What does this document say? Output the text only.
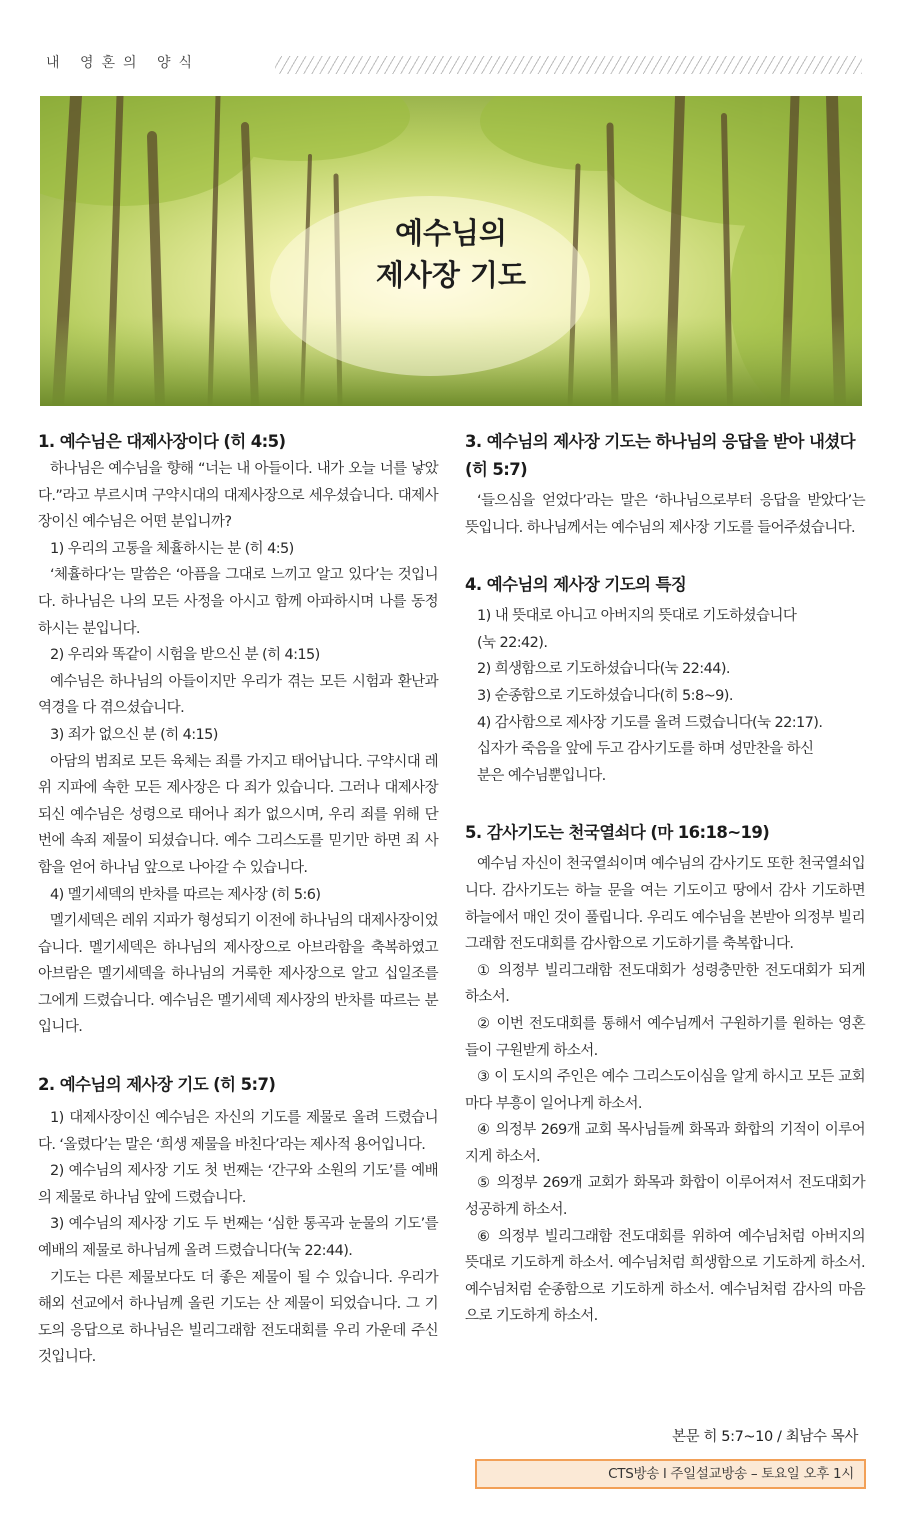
내 영혼의 양식
예수님의
제사장 기도
1. 예수님은 대제사장이다 (히 4:5)

하나님은 예수님을 향해 “너는 내 아들이다. 내가 오늘 너를 낳았다.”라고 부르시며 구약시대의 대제사장으로 세우셨습니다. 대제사장이신 예수님은 어떤 분입니까?

1) 우리의 고통을 체휼하시는 분 (히 4:5)

‘체휼하다’는 말씀은 ‘아픔을 그대로 느끼고 알고 있다’는 것입니다. 하나님은 나의 모든 사정을 아시고 함께 아파하시며 나를 동정하시는 분입니다.

2) 우리와 똑같이 시험을 받으신 분 (히 4:15)

예수님은 하나님의 아들이지만 우리가 겪는 모든 시험과 환난과 역경을 다 겪으셨습니다.

3) 죄가 없으신 분 (히 4:15)

아담의 범죄로 모든 육체는 죄를 가지고 태어납니다. 구약시대 레위 지파에 속한 모든 제사장은 다 죄가 있습니다. 그러나 대제사장 되신 예수님은 성령으로 태어나 죄가 없으시며, 우리 죄를 위해 단번에 속죄 제물이 되셨습니다. 예수 그리스도를 믿기만 하면 죄 사함을 얻어 하나님 앞으로 나아갈 수 있습니다.

4) 멜기세덱의 반차를 따르는 제사장 (히 5:6)

멜기세덱은 레위 지파가 형성되기 이전에 하나님의 대제사장이었습니다. 멜기세덱은 하나님의 제사장으로 아브라함을 축복하였고 아브람은 멜기세덱을 하나님의 거룩한 제사장으로 알고 십일조를 그에게 드렸습니다. 예수님은 멜기세덱 제사장의 반차를 따르는 분입니다.

2. 예수님의 제사장 기도 (히 5:7)

1) 대제사장이신 예수님은 자신의 기도를 제물로 올려 드렸습니다. ‘올렸다’는 말은 ‘희생 제물을 바친다’라는 제사적 용어입니다.

2) 예수님의 제사장 기도 첫 번째는 ‘간구와 소원의 기도’를 예배의 제물로 하나님 앞에 드렸습니다.

3) 예수님의 제사장 기도 두 번째는 ‘심한 통곡과 눈물의 기도’를 예배의 제물로 하나님께 올려 드렸습니다(눅 22:44).

기도는 다른 제물보다도 더 좋은 제물이 될 수 있습니다. 우리가 해외 선교에서 하나님께 올린 기도는 산 제물이 되었습니다. 그 기도의 응답으로 하나님은 빌리그래함 전도대회를 우리 가운데 주신 것입니다.

3. 예수님의 제사장 기도는 하나님의 응답을 받아 내셨다 (히 5:7)

‘들으심을 얻었다’라는 말은 ‘하나님으로부터 응답을 받았다’는 뜻입니다. 하나님께서는 예수님의 제사장 기도를 들어주셨습니다.

4. 예수님의 제사장 기도의 특징

1) 내 뜻대로 아니고 아버지의 뜻대로 기도하셨습니다

(눅 22:42).

2) 희생함으로 기도하셨습니다(눅 22:44).

3) 순종함으로 기도하셨습니다(히 5:8~9).

4) 감사함으로 제사장 기도를 올려 드렸습니다(눅 22:17).

십자가 죽음을 앞에 두고 감사기도를 하며 성만찬을 하신

분은 예수님뿐입니다.

5. 감사기도는 천국열쇠다 (마 16:18~19)

예수님 자신이 천국열쇠이며 예수님의 감사기도 또한 천국열쇠입니다. 감사기도는 하늘 문을 여는 기도이고 땅에서 감사 기도하면 하늘에서 매인 것이 풀립니다. 우리도 예수님을 본받아 의정부 빌리그래함 전도대회를 감사함으로 기도하기를 축복합니다.

① 의정부 빌리그래함 전도대회가 성령충만한 전도대회가 되게 하소서.

② 이번 전도대회를 통해서 예수님께서 구원하기를 원하는 영혼들이 구원받게 하소서.

③ 이 도시의 주인은 예수 그리스도이심을 알게 하시고 모든 교회마다 부흥이 일어나게 하소서.

④ 의정부 269개 교회 목사님들께 화목과 화합의 기적이 이루어지게 하소서.

⑤ 의정부 269개 교회가 화목과 화합이 이루어져서 전도대회가 성공하게 하소서.

⑥ 의정부 빌리그래함 전도대회를 위하여 예수님처럼 아버지의 뜻대로 기도하게 하소서. 예수님처럼 희생함으로 기도하게 하소서. 예수님처럼 순종함으로 기도하게 하소서. 예수님처럼 감사의 마음으로 기도하게 하소서.

본문 히 5:7~10 / 최남수 목사
CTS방송 l 주일설교방송 – 토요일 오후 1시
